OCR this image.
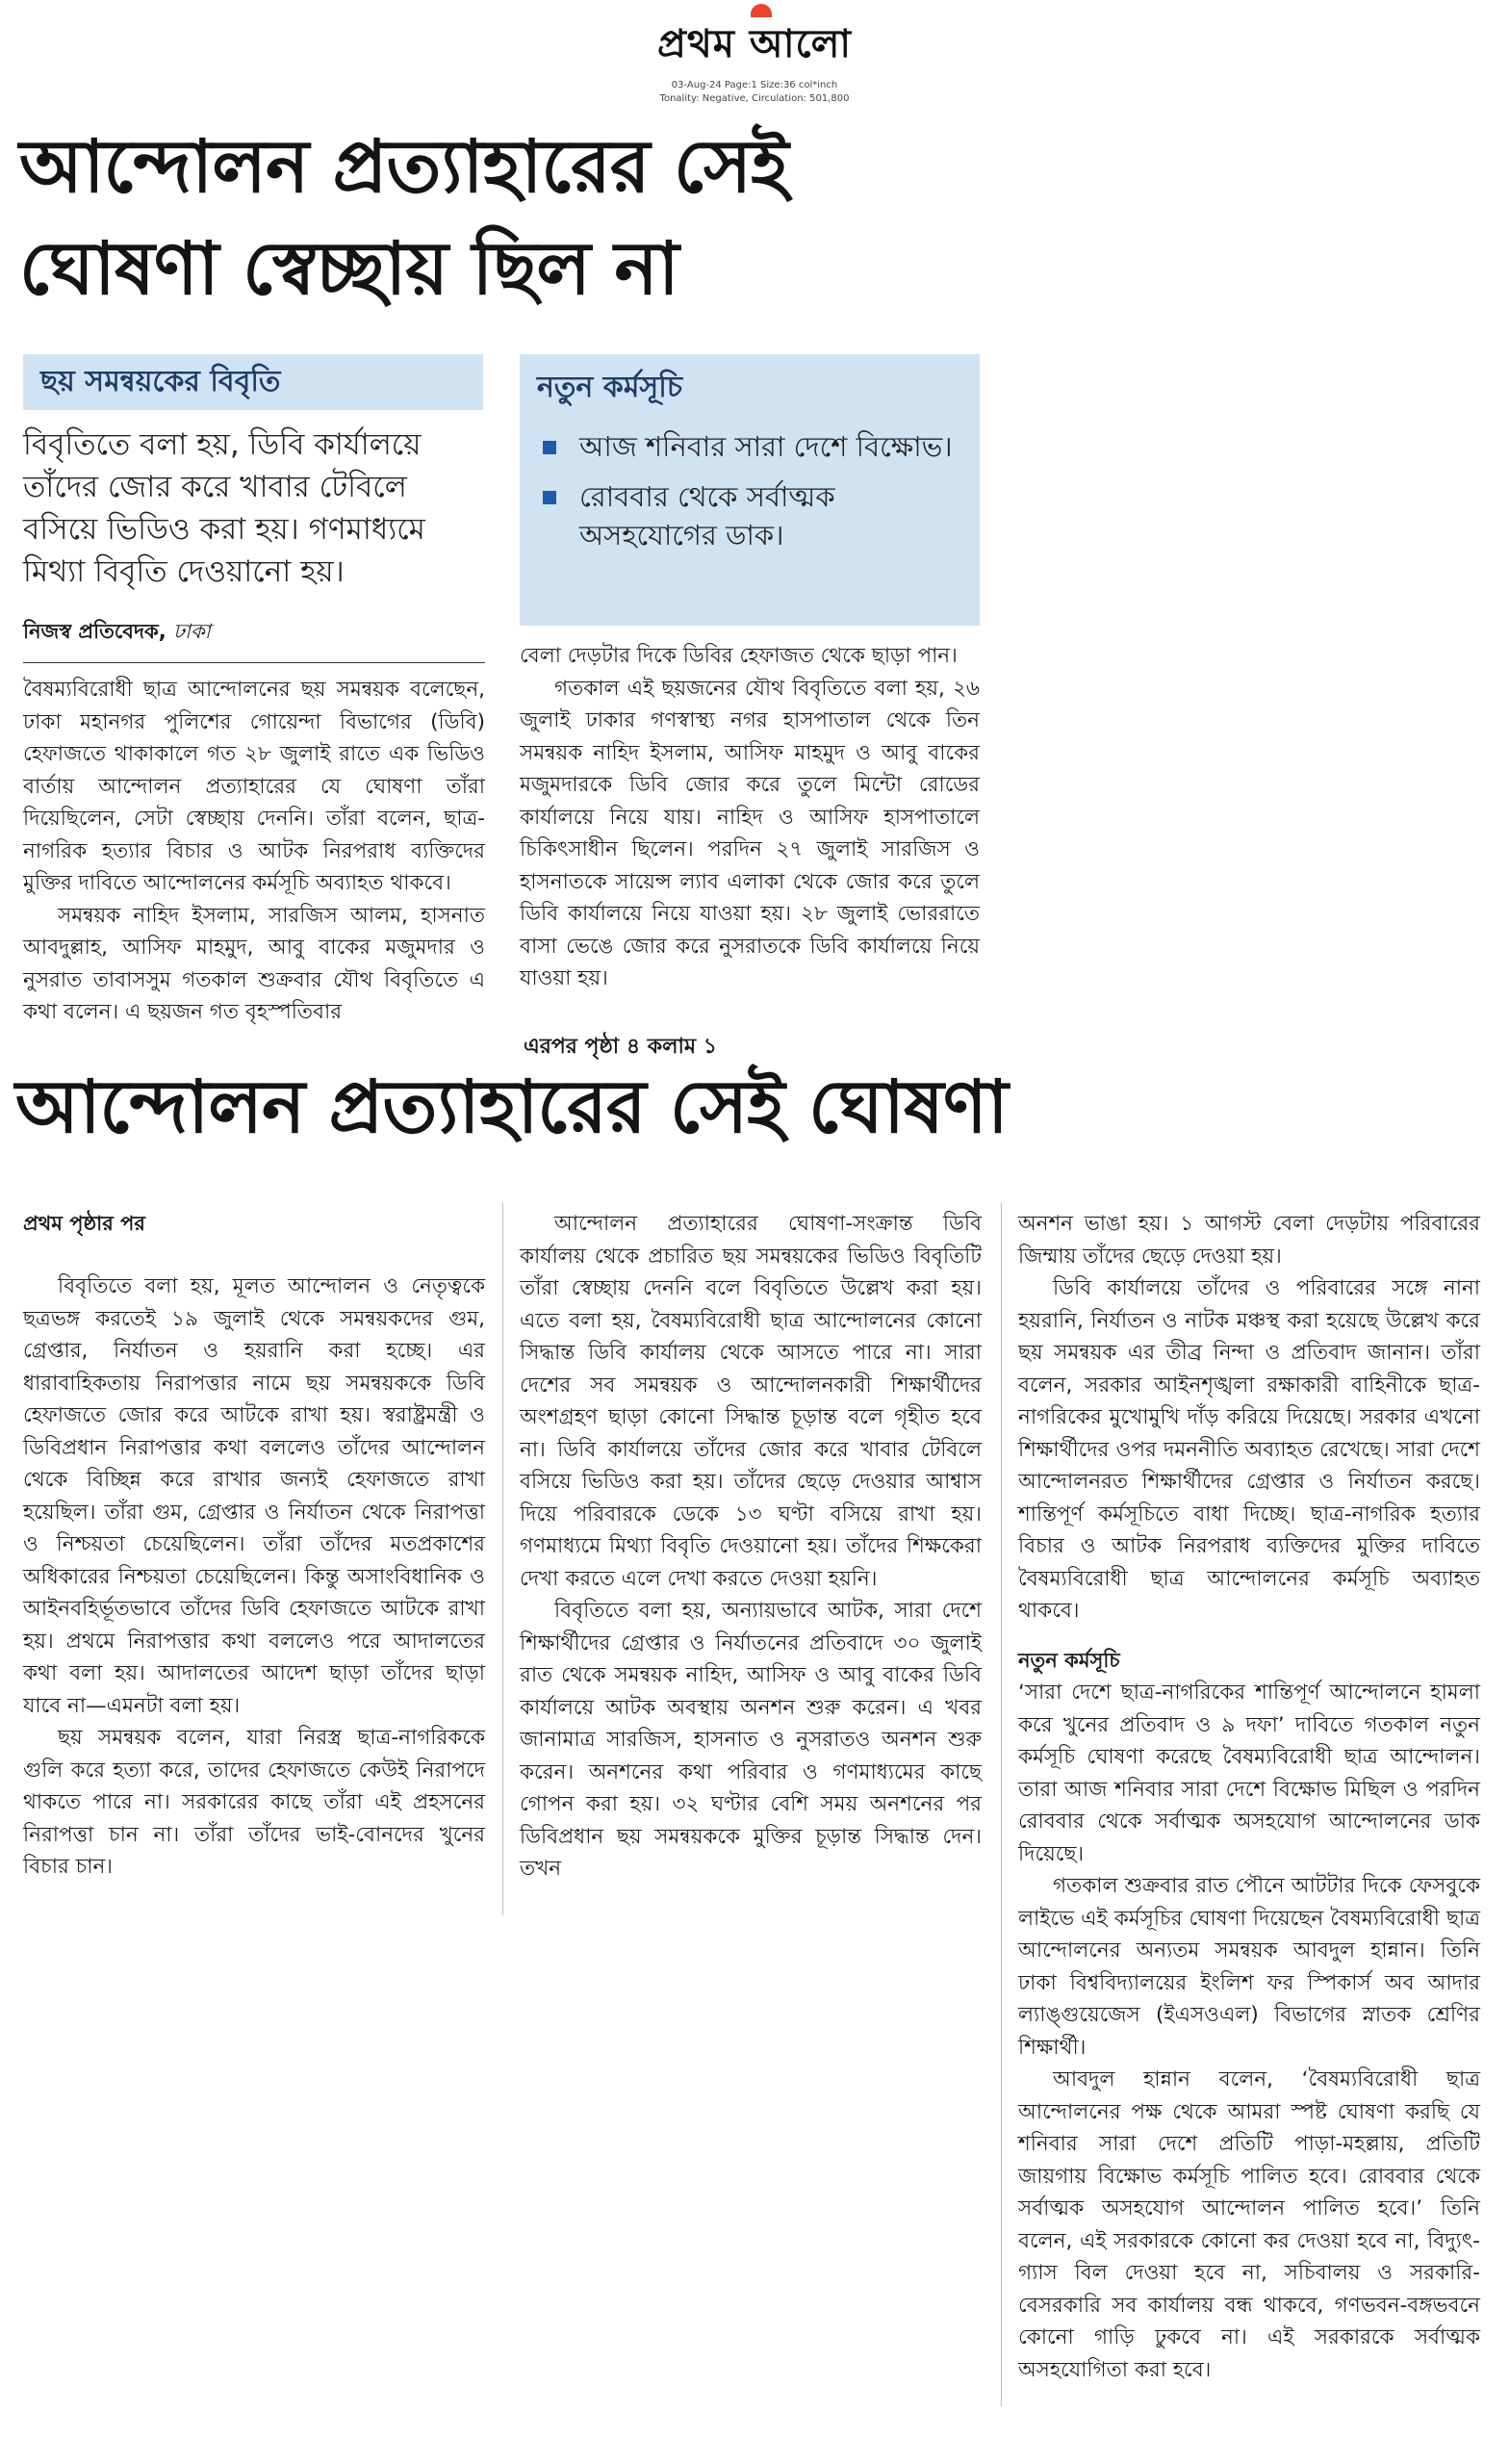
প্রথম আলো
03-Aug-24 Page:1 Size:36 col*inch
Tonality: Negative, Circulation: 501,800
আন্দোলন প্রত্যাহারের সেই
ঘোষণা স্বেচ্ছায় ছিল না
ছয় সমন্বয়কের বিবৃতি
বিবৃতিতে বলা হয়, ডিবি কার্যালয়ে তাঁদের জোর করে খাবার টেবিলে বসিয়ে ভিডিও করা হয়। গণমাধ্যমে মিথ্যা বিবৃতি দেওয়ানো হয়।
নতুন কর্মসূচি
আজ শনিবার সারা দেশে বিক্ষোভ।
রোববার থেকে সর্বাত্মক অসহযোগের ডাক।
নিজস্ব প্রতিবেদক, ঢাকা

বৈষম্যবিরোধী ছাত্র আন্দোলনের ছয় সমন্বয়ক বলেছেন, ঢাকা মহানগর পুলিশের গোয়েন্দা বিভাগের (ডিবি) হেফাজতে থাকাকালে গত ২৮ জুলাই রাতে এক ভিডিও বার্তায় আন্দোলন প্রত্যাহারের যে ঘোষণা তাঁরা দিয়েছিলেন, সেটা স্বেচ্ছায় দেননি। তাঁরা বলেন, ছাত্র-নাগরিক হত্যার বিচার ও আটক নিরপরাধ ব্যক্তিদের মুক্তির দাবিতে আন্দোলনের কর্মসূচি অব্যাহত থাকবে।

সমন্বয়ক নাহিদ ইসলাম, সারজিস আলম, হাসনাত আবদুল্লাহ, আসিফ মাহমুদ, আবু বাকের মজুমদার ও নুসরাত তাবাসসুম গতকাল শুক্রবার যৌথ বিবৃতিতে এ কথা বলেন। এ ছয়জন গত বৃহস্পতিবার

বেলা দেড়টার দিকে ডিবির হেফাজত থেকে ছাড়া পান।

গতকাল এই ছয়জনের যৌথ বিবৃতিতে বলা হয়, ২৬ জুলাই ঢাকার গণস্বাস্থ্য নগর হাসপাতাল থেকে তিন সমন্বয়ক নাহিদ ইসলাম, আসিফ মাহমুদ ও আবু বাকের মজুমদারকে ডিবি জোর করে তুলে মিন্টো রোডের কার্যালয়ে নিয়ে যায়। নাহিদ ও আসিফ হাসপাতালে চিকিৎসাধীন ছিলেন। পরদিন ২৭ জুলাই সারজিস ও হাসনাতকে সায়েন্স ল্যাব এলাকা থেকে জোর করে তুলে ডিবি কার্যালয়ে নিয়ে যাওয়া হয়। ২৮ জুলাই ভোররাতে বাসা ভেঙে জোর করে নুসরাতকে ডিবি কার্যালয়ে নিয়ে যাওয়া হয়।

এরপর পৃষ্ঠা ৪ কলাম ১
আন্দোলন প্রত্যাহারের সেই ঘোষণা
প্রথম পৃষ্ঠার পর

বিবৃতিতে বলা হয়, মূলত আন্দোলন ও নেতৃত্বকে ছত্রভঙ্গ করতেই ১৯ জুলাই থেকে সমন্বয়কদের গুম, গ্রেপ্তার, নির্যাতন ও হয়রানি করা হচ্ছে। এর ধারাবাহিকতায় নিরাপত্তার নামে ছয় সমন্বয়ককে ডিবি হেফাজতে জোর করে আটকে রাখা হয়। স্বরাষ্ট্রমন্ত্রী ও ডিবিপ্রধান নিরাপত্তার কথা বললেও তাঁদের আন্দোলন থেকে বিচ্ছিন্ন করে রাখার জন্যই হেফাজতে রাখা হয়েছিল। তাঁরা গুম, গ্রেপ্তার ও নির্যাতন থেকে নিরাপত্তা ও নিশ্চয়তা চেয়েছিলেন। তাঁরা তাঁদের মতপ্রকাশের অধিকারের নিশ্চয়তা চেয়েছিলেন। কিন্তু অসাংবিধানিক ও আইনবহির্ভূতভাবে তাঁদের ডিবি হেফাজতে আটকে রাখা হয়। প্রথমে নিরাপত্তার কথা বললেও পরে আদালতের কথা বলা হয়। আদালতের আদেশ ছাড়া তাঁদের ছাড়া যাবে না—এমনটা বলা হয়।

ছয় সমন্বয়ক বলেন, যারা নিরস্ত্র ছাত্র-নাগরিককে গুলি করে হত্যা করে, তাদের হেফাজতে কেউই নিরাপদে থাকতে পারে না। সরকারের কাছে তাঁরা এই প্রহসনের নিরাপত্তা চান না। তাঁরা তাঁদের ভাই-বোনদের খুনের বিচার চান।

আন্দোলন প্রত্যাহারের ঘোষণা-সংক্রান্ত ডিবি কার্যালয় থেকে প্রচারিত ছয় সমন্বয়কের ভিডিও বিবৃতিটি তাঁরা স্বেচ্ছায় দেননি বলে বিবৃতিতে উল্লেখ করা হয়। এতে বলা হয়, বৈষম্যবিরোধী ছাত্র আন্দোলনের কোনো সিদ্ধান্ত ডিবি কার্যালয় থেকে আসতে পারে না। সারা দেশের সব সমন্বয়ক ও আন্দোলনকারী শিক্ষার্থীদের অংশগ্রহণ ছাড়া কোনো সিদ্ধান্ত চূড়ান্ত বলে গৃহীত হবে না। ডিবি কার্যালয়ে তাঁদের জোর করে খাবার টেবিলে বসিয়ে ভিডিও করা হয়। তাঁদের ছেড়ে দেওয়ার আশ্বাস দিয়ে পরিবারকে ডেকে ১৩ ঘণ্টা বসিয়ে রাখা হয়। গণমাধ্যমে মিথ্যা বিবৃতি দেওয়ানো হয়। তাঁদের শিক্ষকেরা দেখা করতে এলে দেখা করতে দেওয়া হয়নি।

বিবৃতিতে বলা হয়, অন্যায়ভাবে আটক, সারা দেশে শিক্ষার্থীদের গ্রেপ্তার ও নির্যাতনের প্রতিবাদে ৩০ জুলাই রাত থেকে সমন্বয়ক নাহিদ, আসিফ ও আবু বাকের ডিবি কার্যালয়ে আটক অবস্থায় অনশন শুরু করেন। এ খবর জানামাত্র সারজিস, হাসনাত ও নুসরাতও অনশন শুরু করেন। অনশনের কথা পরিবার ও গণমাধ্যমের কাছে গোপন করা হয়। ৩২ ঘণ্টার বেশি সময় অনশনের পর ডিবিপ্রধান ছয় সমন্বয়ককে মুক্তির চূড়ান্ত সিদ্ধান্ত দেন। তখন

অনশন ভাঙা হয়। ১ আগস্ট বেলা দেড়টায় পরিবারের জিম্মায় তাঁদের ছেড়ে দেওয়া হয়।

ডিবি কার্যালয়ে তাঁদের ও পরিবারের সঙ্গে নানা হয়রানি, নির্যাতন ও নাটক মঞ্চস্থ করা হয়েছে উল্লেখ করে ছয় সমন্বয়ক এর তীব্র নিন্দা ও প্রতিবাদ জানান। তাঁরা বলেন, সরকার আইনশৃঙ্খলা রক্ষাকারী বাহিনীকে ছাত্র-নাগরিকের মুখোমুখি দাঁড় করিয়ে দিয়েছে। সরকার এখনো শিক্ষার্থীদের ওপর দমননীতি অব্যাহত রেখেছে। সারা দেশে আন্দোলনরত শিক্ষার্থীদের গ্রেপ্তার ও নির্যাতন করছে। শান্তিপূর্ণ কর্মসূচিতে বাধা দিচ্ছে। ছাত্র-নাগরিক হত্যার বিচার ও আটক নিরপরাধ ব্যক্তিদের মুক্তির দাবিতে বৈষম্যবিরোধী ছাত্র আন্দোলনের কর্মসূচি অব্যাহত থাকবে।

নতুন কর্মসূচি

‘সারা দেশে ছাত্র-নাগরিকের শান্তিপূর্ণ আন্দোলনে হামলা করে খুনের প্রতিবাদ ও ৯ দফা’ দাবিতে গতকাল নতুন কর্মসূচি ঘোষণা করেছে বৈষম্যবিরোধী ছাত্র আন্দোলন। তারা আজ শনিবার সারা দেশে বিক্ষোভ মিছিল ও পরদিন রোববার থেকে সর্বাত্মক অসহযোগ আন্দোলনের ডাক দিয়েছে।

গতকাল শুক্রবার রাত পৌনে আটটার দিকে ফেসবুকে লাইভে এই কর্মসূচির ঘোষণা দিয়েছেন বৈষম্যবিরোধী ছাত্র আন্দোলনের অন্যতম সমন্বয়ক আবদুল হান্নান। তিনি ঢাকা বিশ্ববিদ্যালয়ের ইংলিশ ফর স্পিকার্স অব আদার ল্যাঙ্গুয়েজেস (ইএসওএল) বিভাগের স্নাতক শ্রেণির শিক্ষার্থী।

আবদুল হান্নান বলেন, ‘বৈষম্যবিরোধী ছাত্র আন্দোলনের পক্ষ থেকে আমরা স্পষ্ট ঘোষণা করছি যে শনিবার সারা দেশে প্রতিটি পাড়া-মহল্লায়, প্রতিটি জায়গায় বিক্ষোভ কর্মসূচি পালিত হবে। রোববার থেকে সর্বাত্মক অসহযোগ আন্দোলন পালিত হবে।’ তিনি বলেন, এই সরকারকে কোনো কর দেওয়া হবে না, বিদ্যুৎ-গ্যাস বিল দেওয়া হবে না, সচিবালয় ও সরকারি-বেসরকারি সব কার্যালয় বন্ধ থাকবে, গণভবন-বঙ্গভবনে কোনো গাড়ি ঢুকবে না। এই সরকারকে সর্বাত্মক অসহযোগিতা করা হবে।
